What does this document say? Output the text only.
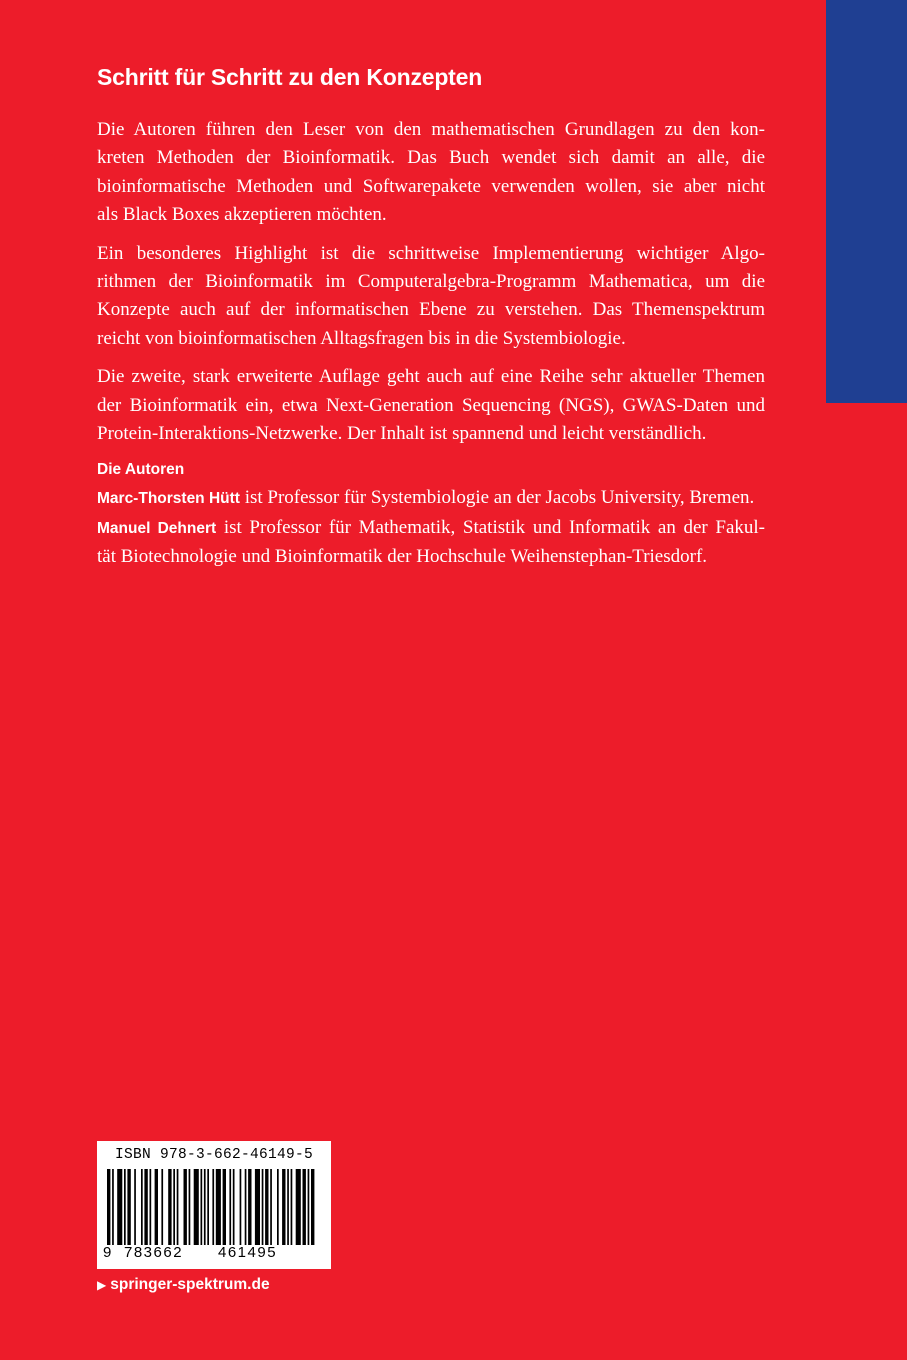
Schritt für Schritt zu den Konzepten
Die Autoren führen den Leser von den mathematischen Grundlagen zu den kon-
kreten Methoden der Bioinformatik. Das Buch wendet sich damit an alle, die
bioinformatische Methoden und Softwarepakete verwenden wollen, sie aber nicht
als Black Boxes akzeptieren möchten.
Ein besonderes Highlight ist die schrittweise Implementierung wichtiger Algo-
rithmen der Bioinformatik im Computeralgebra-Programm Mathematica, um die
Konzepte auch auf der informatischen Ebene zu verstehen. Das Themenspektrum
reicht von bioinformatischen Alltagsfragen bis in die Systembiologie.
Die zweite, stark erweiterte Auflage geht auch auf eine Reihe sehr aktueller Themen
der Bioinformatik ein, etwa Next-Generation Sequencing (NGS), GWAS-Daten und
Protein-Interaktions-Netzwerke. Der Inhalt ist spannend und leicht verständlich.
Die Autoren
Marc-Thorsten Hütt ist Professor für Systembiologie an der Jacobs University, Bremen.
Manuel Dehnert ist Professor für Mathematik, Statistik und Informatik an der Fakul-
tät Biotechnologie und Bioinformatik der Hochschule Weihenstephan-Triesdorf.
ISBN 978-3-662-46149-5
9 783662 461495
▶ springer-spektrum.de
